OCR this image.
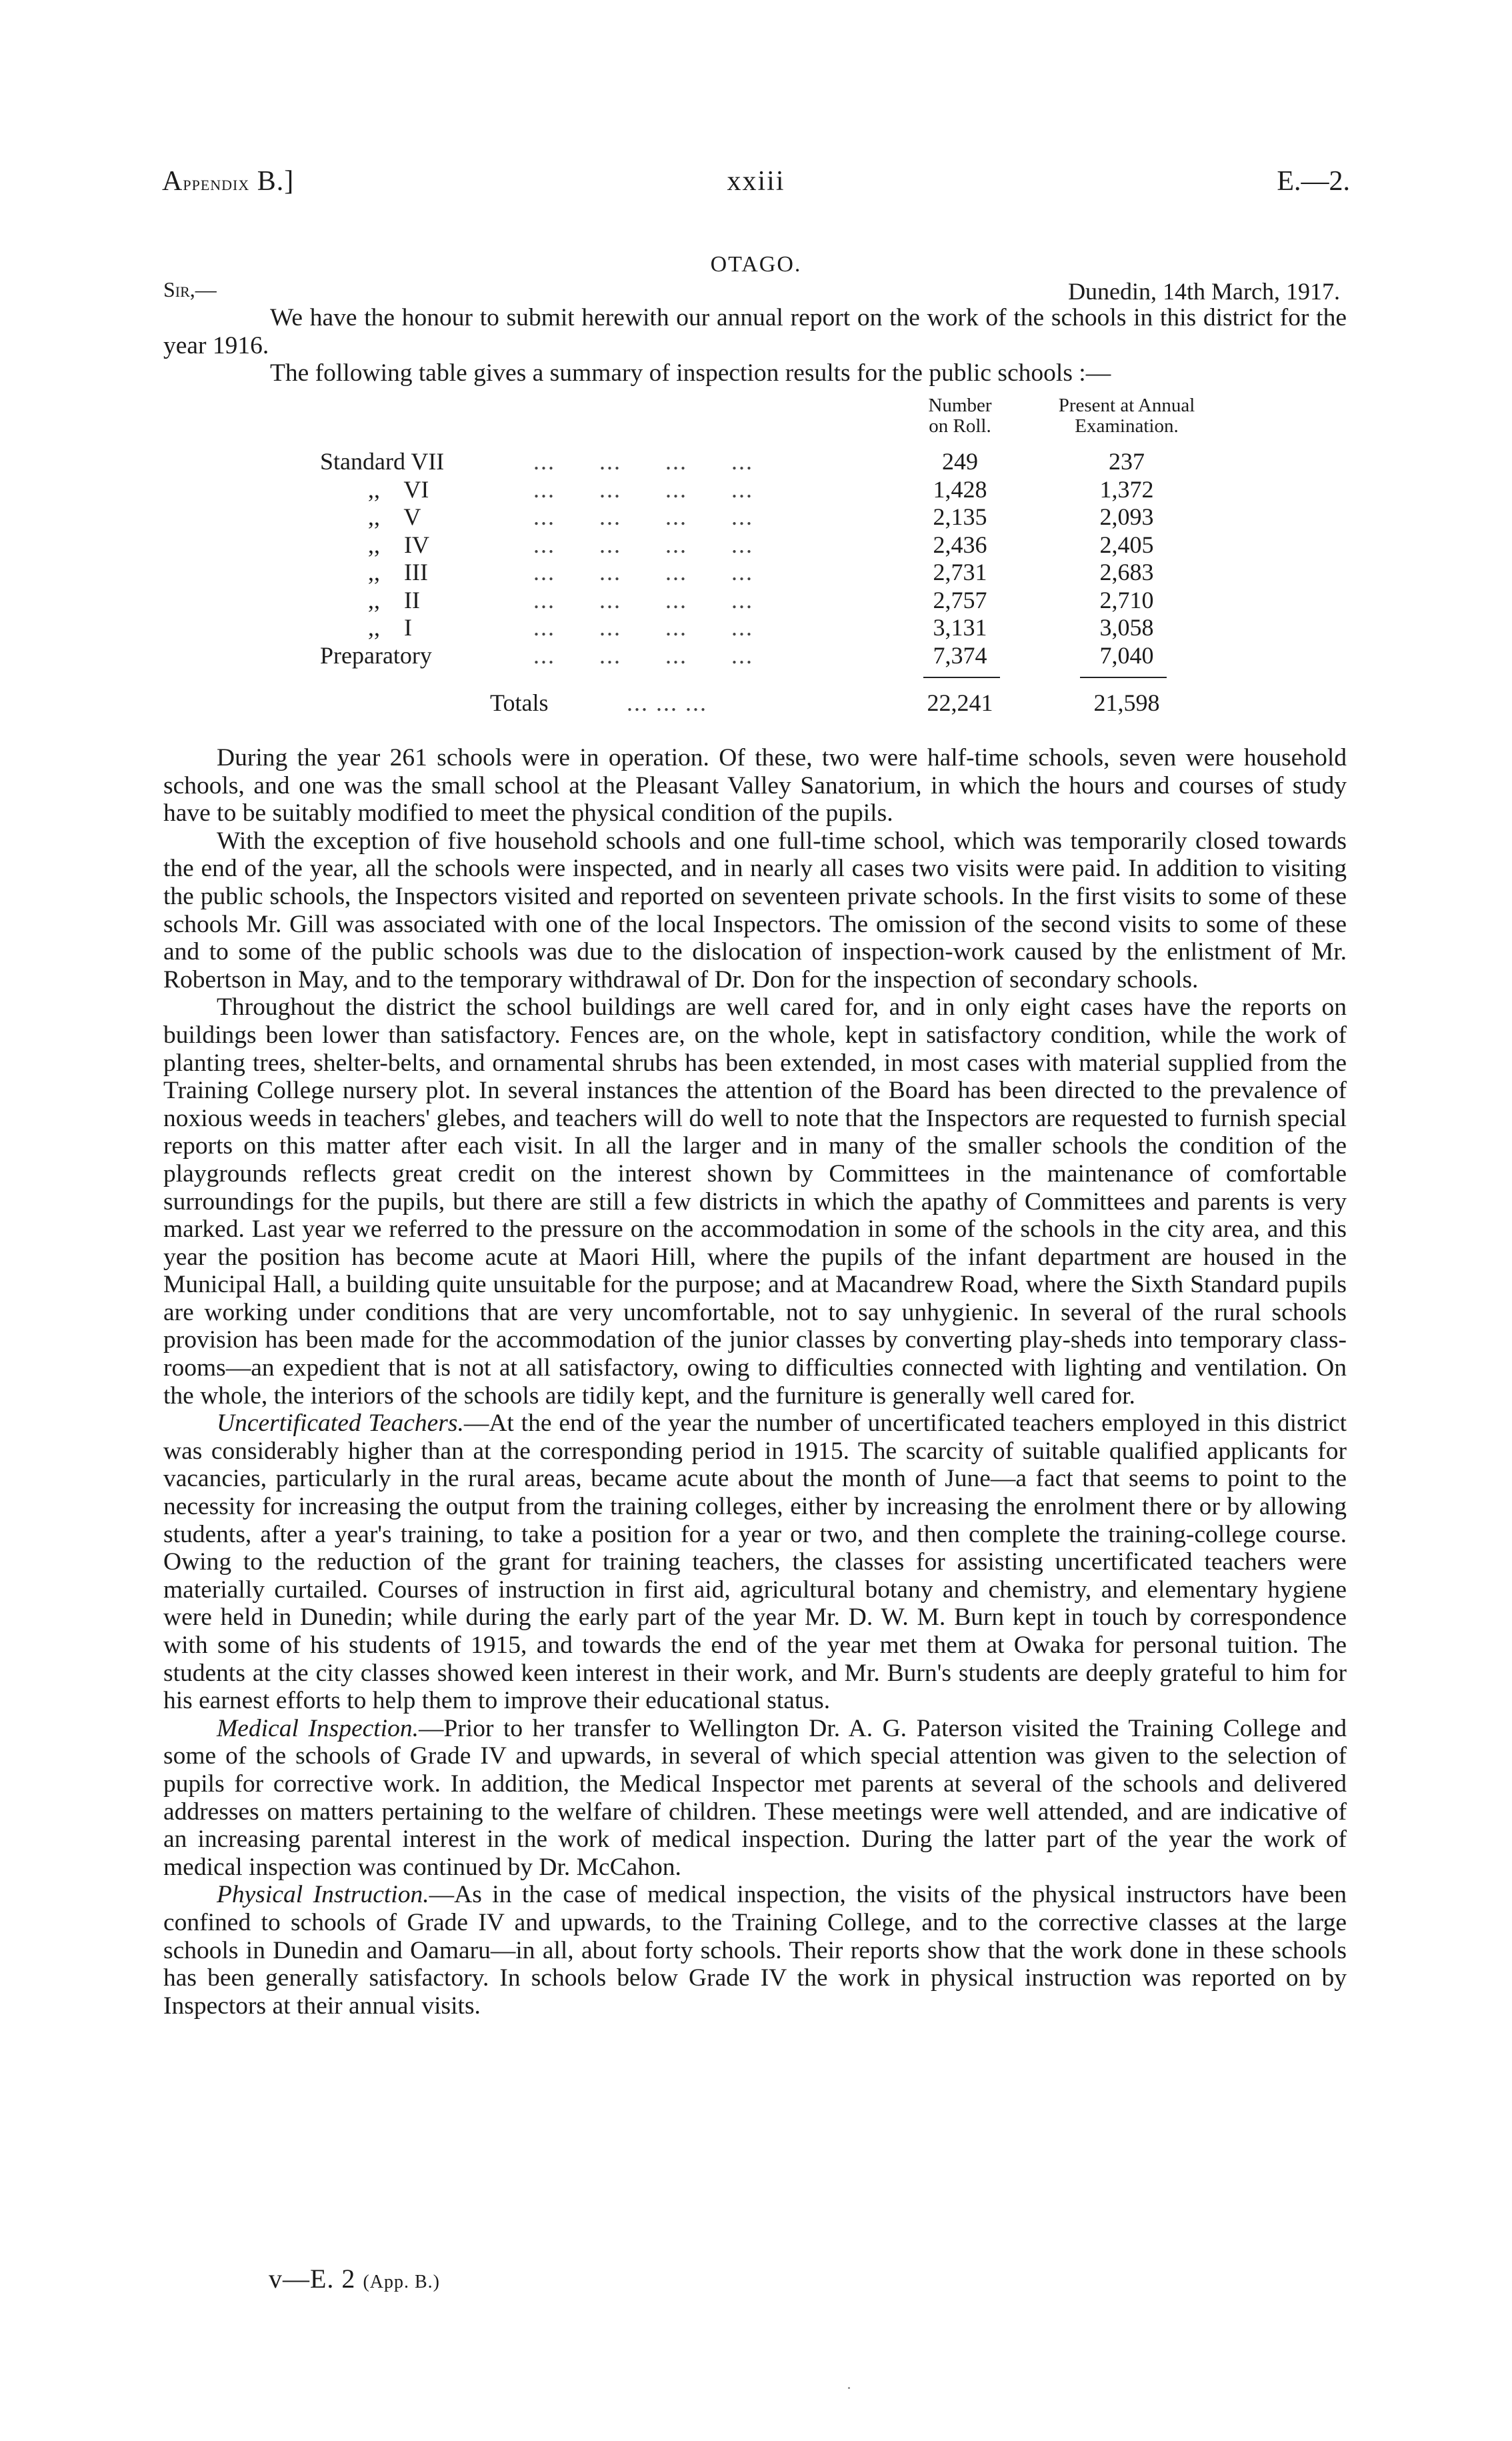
Appendix B.]	xxiii	E.—2.
OTAGO.
Sir,—	Dunedin, 14th March, 1917.

We have the honour to submit herewith our annual report on the work of the schools in this district for the year 1916.

The following table gives a summary of inspection results for the public schools :—

Number
on Roll.
Present at Annual
Examination.
Standard VII	...      ...      ...      ...	249	237
,,    VI	...      ...      ...      ...	1,428	1,372
,,    V	...      ...      ...      ...	2,135	2,093
,,    IV	...      ...      ...      ...	2,436	2,405
,,    III	...      ...      ...      ...	2,731	2,683
,,    II	...      ...      ...      ...	2,757	2,710
,,    I	...      ...      ...      ...	3,131	3,058
Preparatory	...      ...      ...      ...	7,374	7,040
Totals	... ... ...	22,241	21,598

During the year 261 schools were in operation. Of these, two were half-time schools, seven were household schools, and one was the small school at the Pleasant Valley Sanatorium, in which the hours and courses of study have to be suitably modified to meet the physical condition of the pupils.

With the exception of five household schools and one full-time school, which was temporarily closed towards the end of the year, all the schools were inspected, and in nearly all cases two visits were paid. In addition to visiting the public schools, the Inspectors visited and reported on seventeen private schools. In the first visits to some of these schools Mr. Gill was associated with one of the local Inspectors. The omission of the second visits to some of these and to some of the public schools was due to the dislocation of inspection-work caused by the enlistment of Mr. Robertson in May, and to the temporary withdrawal of Dr. Don for the inspection of secondary schools.

Throughout the district the school buildings are well cared for, and in only eight cases have the reports on buildings been lower than satisfactory. Fences are, on the whole, kept in satisfactory condition, while the work of planting trees, shelter-belts, and ornamental shrubs has been extended, in most cases with material supplied from the Training College nursery plot. In several instances the attention of the Board has been directed to the prevalence of noxious weeds in teachers' glebes, and teachers will do well to note that the Inspectors are requested to furnish special reports on this matter after each visit. In all the larger and in many of the smaller schools the condition of the playgrounds reflects great credit on the interest shown by Committees in the maintenance of comfortable surroundings for the pupils, but there are still a few districts in which the apathy of Committees and parents is very marked. Last year we referred to the pressure on the accommodation in some of the schools in the city area, and this year the position has become acute at Maori Hill, where the pupils of the infant department are housed in the Municipal Hall, a building quite unsuitable for the purpose; and at Macandrew Road, where the Sixth Standard pupils are working under conditions that are very uncomfortable, not to say unhygienic. In several of the rural schools provision has been made for the accommodation of the junior classes by converting play-sheds into temporary class-rooms—an expedient that is not at all satisfactory, owing to difficulties connected with lighting and ventilation. On the whole, the interiors of the schools are tidily kept, and the furniture is generally well cared for.

Uncertificated Teachers.—At the end of the year the number of uncertificated teachers employed in this district was considerably higher than at the corresponding period in 1915. The scarcity of suitable qualified applicants for vacancies, particularly in the rural areas, became acute about the month of June—a fact that seems to point to the necessity for increasing the output from the training colleges, either by increasing the enrolment there or by allowing students, after a year's training, to take a position for a year or two, and then complete the training-college course. Owing to the reduction of the grant for training teachers, the classes for assisting uncertificated teachers were materially curtailed. Courses of instruction in first aid, agricultural botany and chemistry, and elementary hygiene were held in Dunedin; while during the early part of the year Mr. D. W. M. Burn kept in touch by correspondence with some of his students of 1915, and towards the end of the year met them at Owaka for personal tuition. The students at the city classes showed keen interest in their work, and Mr. Burn's students are deeply grateful to him for his earnest efforts to help them to improve their educational status.

Medical Inspection.—Prior to her transfer to Wellington Dr. A. G. Paterson visited the Training College and some of the schools of Grade IV and upwards, in several of which special attention was given to the selection of pupils for corrective work. In addition, the Medical Inspector met parents at several of the schools and delivered addresses on matters pertaining to the welfare of children. These meetings were well attended, and are indicative of an increasing parental interest in the work of medical inspection. During the latter part of the year the work of medical inspection was continued by Dr. McCahon.

Physical Instruction.—As in the case of medical inspection, the visits of the physical instructors have been confined to schools of Grade IV and upwards, to the Training College, and to the corrective classes at the large schools in Dunedin and Oamaru—in all, about forty schools. Their reports show that the work done in these schools has been generally satisfactory. In schools below Grade IV the work in physical instruction was reported on by Inspectors at their annual visits.

v—E. 2 (App. B.)
